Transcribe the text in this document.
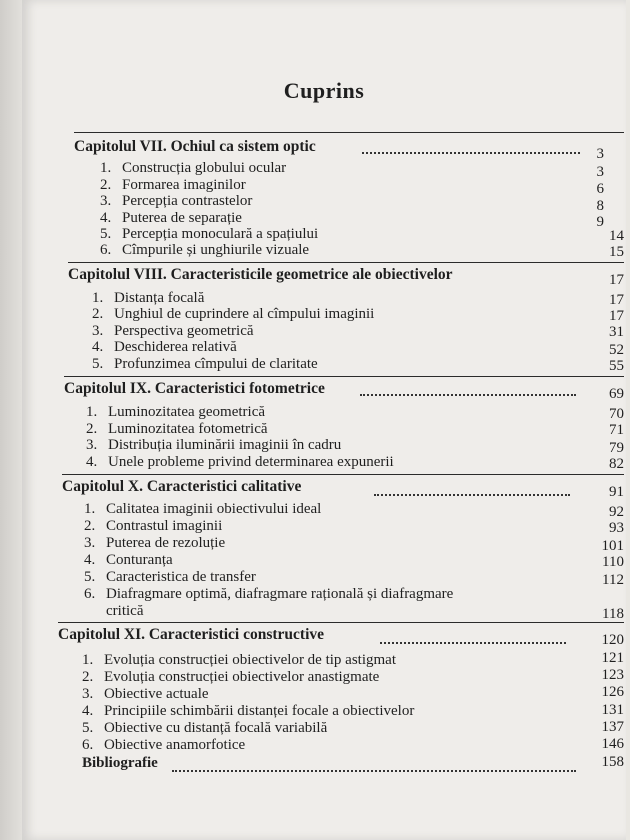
Cuprins
Capitolul VII. Ochiul ca sistem optic	3
1. Construcția globului ocular	3
2. Formarea imaginilor	6
3. Percepția contrastelor	8
4. Puterea de separație	9
5. Percepția monoculară a spațiului	14
6. Cîmpurile și unghiurile vizuale	15
Capitolul VIII. Caracteristicile geometrice ale obiectivelor	17
1. Distanța focală	17
2. Unghiul de cuprindere al cîmpului imaginii	17
3. Perspectiva geometrică	31
4. Deschiderea relativă	52
5. Profunzimea cîmpului de claritate	55
Capitolul IX. Caracteristici fotometrice	69
1. Luminozitatea geometrică	70
2. Luminozitatea fotometrică	71
3. Distribuția iluminării imaginii în cadru	79
4. Unele probleme privind determinarea expunerii	82
Capitolul X. Caracteristici calitative	91
1. Calitatea imaginii obiectivului ideal	92
2. Contrastul imaginii	93
3. Puterea de rezoluție	101
4. Conturanța	110
5. Caracteristica de transfer	112
6. Diafragmare optimă, diafragmare rațională și diafragmare
critică	118
Capitolul XI. Caracteristici constructive	120
1. Evoluția construcției obiectivelor de tip astigmat	121
2. Evoluția construcției obiectivelor anastigmate	123
3. Obiective actuale	126
4. Principiile schimbării distanței focale a obiectivelor	131
5. Obiective cu distanță focală variabilă	137
6. Obiective anamorfotice	146
Bibliografie	158
